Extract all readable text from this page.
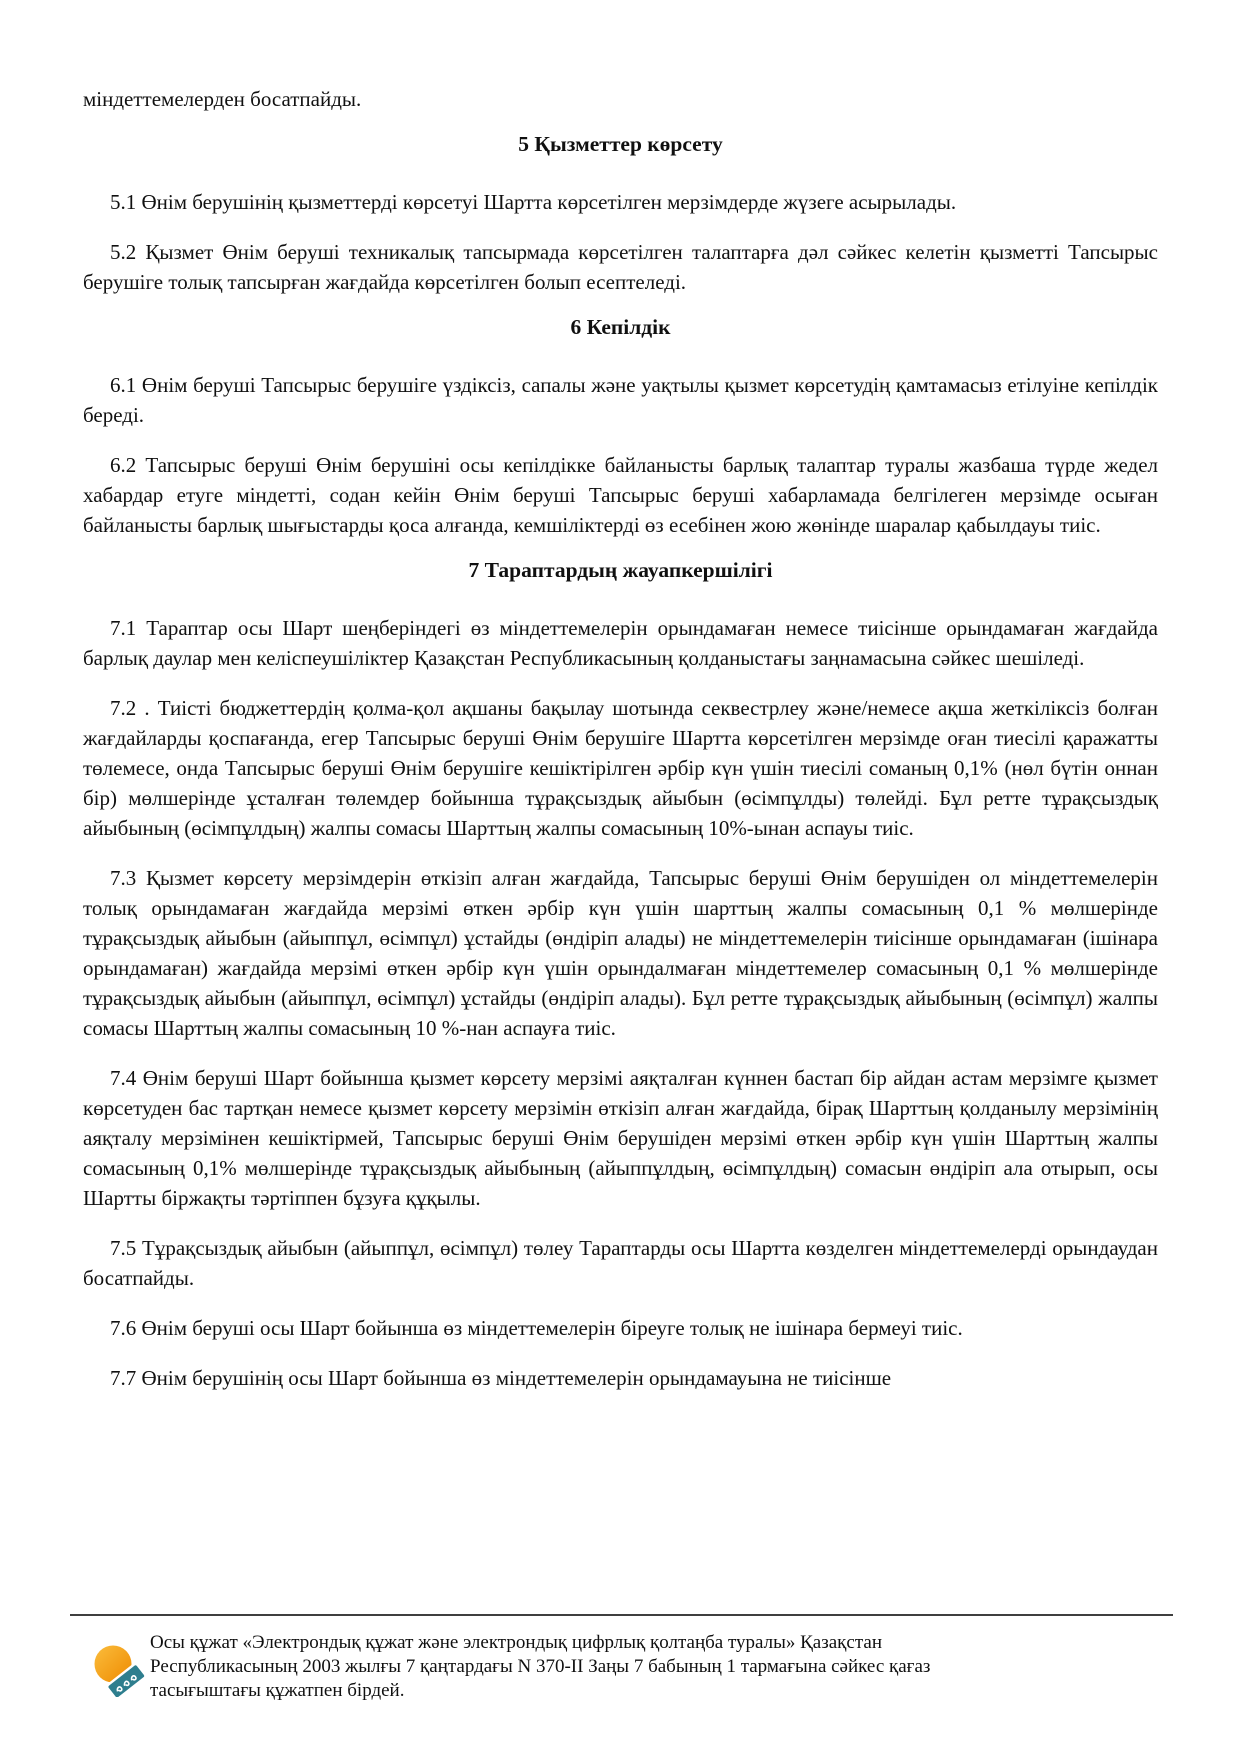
міндеттемелерден босатпайды.

5 Қызметтер көрсету

5.1 Өнім берушінің қызметтерді көрсетуі Шартта көрсетілген мерзімдерде жүзеге асырылады.

5.2 Қызмет Өнім беруші техникалық тапсырмада көрсетілген талаптарға дәл сәйкес келетін қызметті Тапсырыс берушіге толық тапсырған жағдайда көрсетілген болып есептеледі.

6 Кепілдік

6.1 Өнім беруші Тапсырыс берушіге үздіксіз, сапалы және уақтылы қызмет көрсетудің қамтамасыз етілуіне кепілдік береді.

6.2 Тапсырыс беруші Өнім берушіні осы кепілдікке байланысты барлық талаптар туралы жазбаша түрде жедел хабардар етуге міндетті, содан кейін Өнім беруші Тапсырыс беруші хабарламада белгілеген мерзімде осыған байланысты барлық шығыстарды қоса алғанда, кемшіліктерді өз есебінен жою жөнінде шаралар қабылдауы тиіс.

7 Тараптардың жауапкершілігі

7.1 Тараптар осы Шарт шеңберіндегі өз міндеттемелерін орындамаған немесе тиісінше орындамаған жағдайда барлық даулар мен келіспеушіліктер Қазақстан Республикасының қолданыстағы заңнамасына сәйкес шешіледі.

7.2 . Тиісті бюджеттердің қолма-қол ақшаны бақылау шотында секвестрлеу және/немесе ақша жеткіліксіз болған жағдайларды қоспағанда, егер Тапсырыс беруші Өнім берушіге Шартта көрсетілген мерзімде оған тиесілі қаражатты төлемесе, онда Тапсырыс беруші Өнім берушіге кешіктірілген әрбір күн үшін тиесілі соманың 0,1% (нөл бүтін оннан бір) мөлшерінде ұсталған төлемдер бойынша тұрақсыздық айыбын (өсімпұлды) төлейді. Бұл ретте тұрақсыздық айыбының (өсімпұлдың) жалпы сомасы Шарттың жалпы сомасының 10%-ынан аспауы тиіс.

7.3 Қызмет көрсету мерзімдерін өткізіп алған жағдайда, Тапсырыс беруші Өнім берушіден ол міндеттемелерін толық орындамаған жағдайда мерзімі өткен әрбір күн үшін шарттың жалпы сомасының 0,1 % мөлшерінде тұрақсыздық айыбын (айыппұл, өсімпұл) ұстайды (өндіріп алады) не міндеттемелерін тиісінше орындамаған (ішінара орындамаған) жағдайда мерзімі өткен әрбір күн үшін орындалмаған міндеттемелер сомасының 0,1 % мөлшерінде тұрақсыздық айыбын (айыппұл, өсімпұл) ұстайды (өндіріп алады). Бұл ретте тұрақсыздық айыбының (өсімпұл) жалпы сомасы Шарттың жалпы сомасының 10 %-нан аспауға тиіс.

7.4 Өнім беруші Шарт бойынша қызмет көрсету мерзімі аяқталған күннен бастап бір айдан астам мерзімге қызмет көрсетуден бас тартқан немесе қызмет көрсету мерзімін өткізіп алған жағдайда, бірақ Шарттың қолданылу мерзімінің аяқталу мерзімінен кешіктірмей, Тапсырыс беруші Өнім берушіден мерзімі өткен әрбір күн үшін Шарттың жалпы сомасының 0,1% мөлшерінде тұрақсыздық айыбының (айыппұлдың, өсімпұлдың) сомасын өндіріп ала отырып, осы Шартты біржақты тәртіппен бұзуға құқылы.

7.5 Тұрақсыздық айыбын (айыппұл, өсімпұл) төлеу Тараптарды осы Шартта көзделген міндеттемелерді орындаудан босатпайды.

7.6 Өнім беруші осы Шарт бойынша өз міндеттемелерін біреуге толық не ішінара бермеуі тиіс.

7.7 Өнім берушінің осы Шарт бойынша өз міндеттемелерін орындамауына не тиісінше

Осы құжат «Электрондық құжат және электрондық цифрлық қолтаңба туралы» Қазақстан

Республикасының 2003 жылғы 7 қаңтардағы N 370-II Заңы 7 бабының 1 тармағына сәйкес қағаз

тасығыштағы құжатпен бірдей.
